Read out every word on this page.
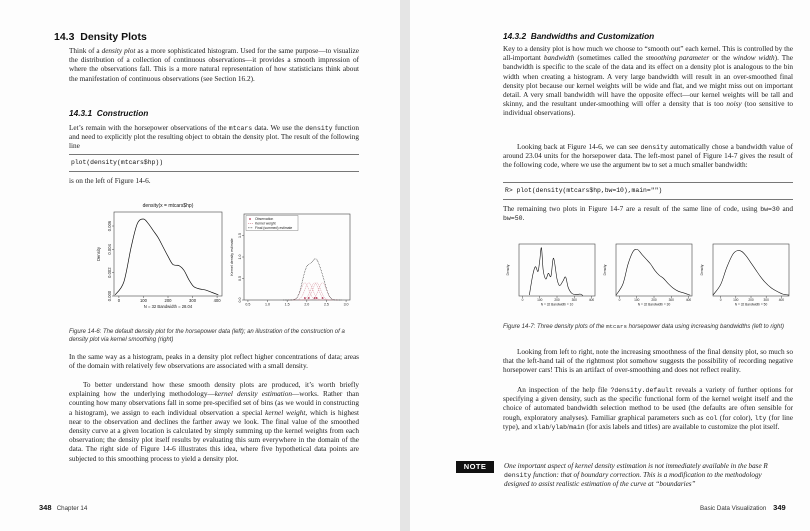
14.3 Density Plots

Think of a density plot as a more sophisticated histogram. Used for the same purpose—to visualize the distribution of a collection of continuous observations—it provides a smooth impression of where the observations fall. This is a more natural representation of how statisticians think about the manifestation of continuous observations (see Section 16.2).

14.3.1 Construction

Let’s remain with the horsepower observations of the mtcars data. We use the density function and need to explicitly plot the resulting object to obtain the density plot. The result of the following line

plot(density(mtcars$hp))

is on the left of Figure 14-6.

0	100	200	300	400
0.000
0.002
0.004
0.006
density(x = mtcars$hp)
N = 32 Bandwidth = 28.04
Density
0.5	1.0	1.5	2.0	2.5	3.0
0.0
0.5
1.0
1.5
Kernel density estimate
Observation
Kernel weight
Final (summed) estimate
Figure 14-6: The default density plot for the horsepower data (left); an illustration of the construction of a density plot via kernel smoothing (right)

In the same way as a histogram, peaks in a density plot reflect higher concentrations of data; areas of the domain with relatively few observations are associated with a small density.

To better understand how these smooth density plots are produced, it’s worth briefly explaining how the underlying methodology—kernel density estimation—works. Rather than counting how many observations fall in some pre-specified set of bins (as we would in constructing a histogram), we assign to each individual observation a special kernel weight, which is highest near to the observation and declines the farther away we look. The final value of the smoothed density curve at a given location is calculated by simply summing up the kernel weights from each observation; the density plot itself results by evaluating this sum everywhere in the domain of the data. The right side of Figure 14-6 illustrates this idea, where five hypothetical data points are subjected to this smoothing process to yield a density plot.

348 Chapter 14
14.3.2 Bandwidths and Customization

Key to a density plot is how much we choose to “smooth out” each kernel. This is controlled by the all-important bandwidth (sometimes called the smoothing parameter or the window width). The bandwidth is specific to the scale of the data and its effect on a density plot is analogous to the bin width when creating a histogram. A very large bandwidth will result in an over-smoothed final density plot because our kernel weights will be wide and flat, and we might miss out on important detail. A very small bandwidth will have the opposite effect—our kernel weights will be tall and skinny, and the resultant under-smoothing will offer a density that is too noisy (too sensitive to individual observations).

Looking back at Figure 14-6, we can see density automatically chose a bandwidth value of around 23.04 units for the horsepower data. The left-most panel of Figure 14-7 gives the result of the following code, where we use the argument bw to set a much smaller bandwidth:

R> plot(density(mtcars$hp,bw=10),main="")

The remaining two plots in Figure 14-7 are a result of the same line of code, using bw=30 and bw=50.

0	100	200	300	400
N = 32 Bandwidth = 10
Density
0	100	200	300	400
N = 32 Bandwidth = 30
Density
0	100	200	300	400
N = 32 Bandwidth = 50
Density
Figure 14-7: Three density plots of the mtcars horsepower data using increasing bandwidths (left to right)

Looking from left to right, note the increasing smoothness of the final density plot, so much so that the left-hand tail of the rightmost plot somehow suggests the possibility of recording negative horsepower cars! This is an artifact of over-smoothing and does not reflect reality.

An inspection of the help file ?density.default reveals a variety of further options for specifying a given density, such as the specific functional form of the kernel weight itself and the choice of automated bandwidth selection method to be used (the defaults are often sensible for rough, exploratory analyses). Familiar graphical parameters such as col (for color), lty (for line type), and xlab/ylab/main (for axis labels and titles) are available to customize the plot itself.

NOTE	One important aspect of kernel density estimation is not immediately available in the base R density function: that of boundary correction. This is a modification to the methodology designed to assist realistic estimation of the curve at “boundaries”
Basic Data Visualization 349
